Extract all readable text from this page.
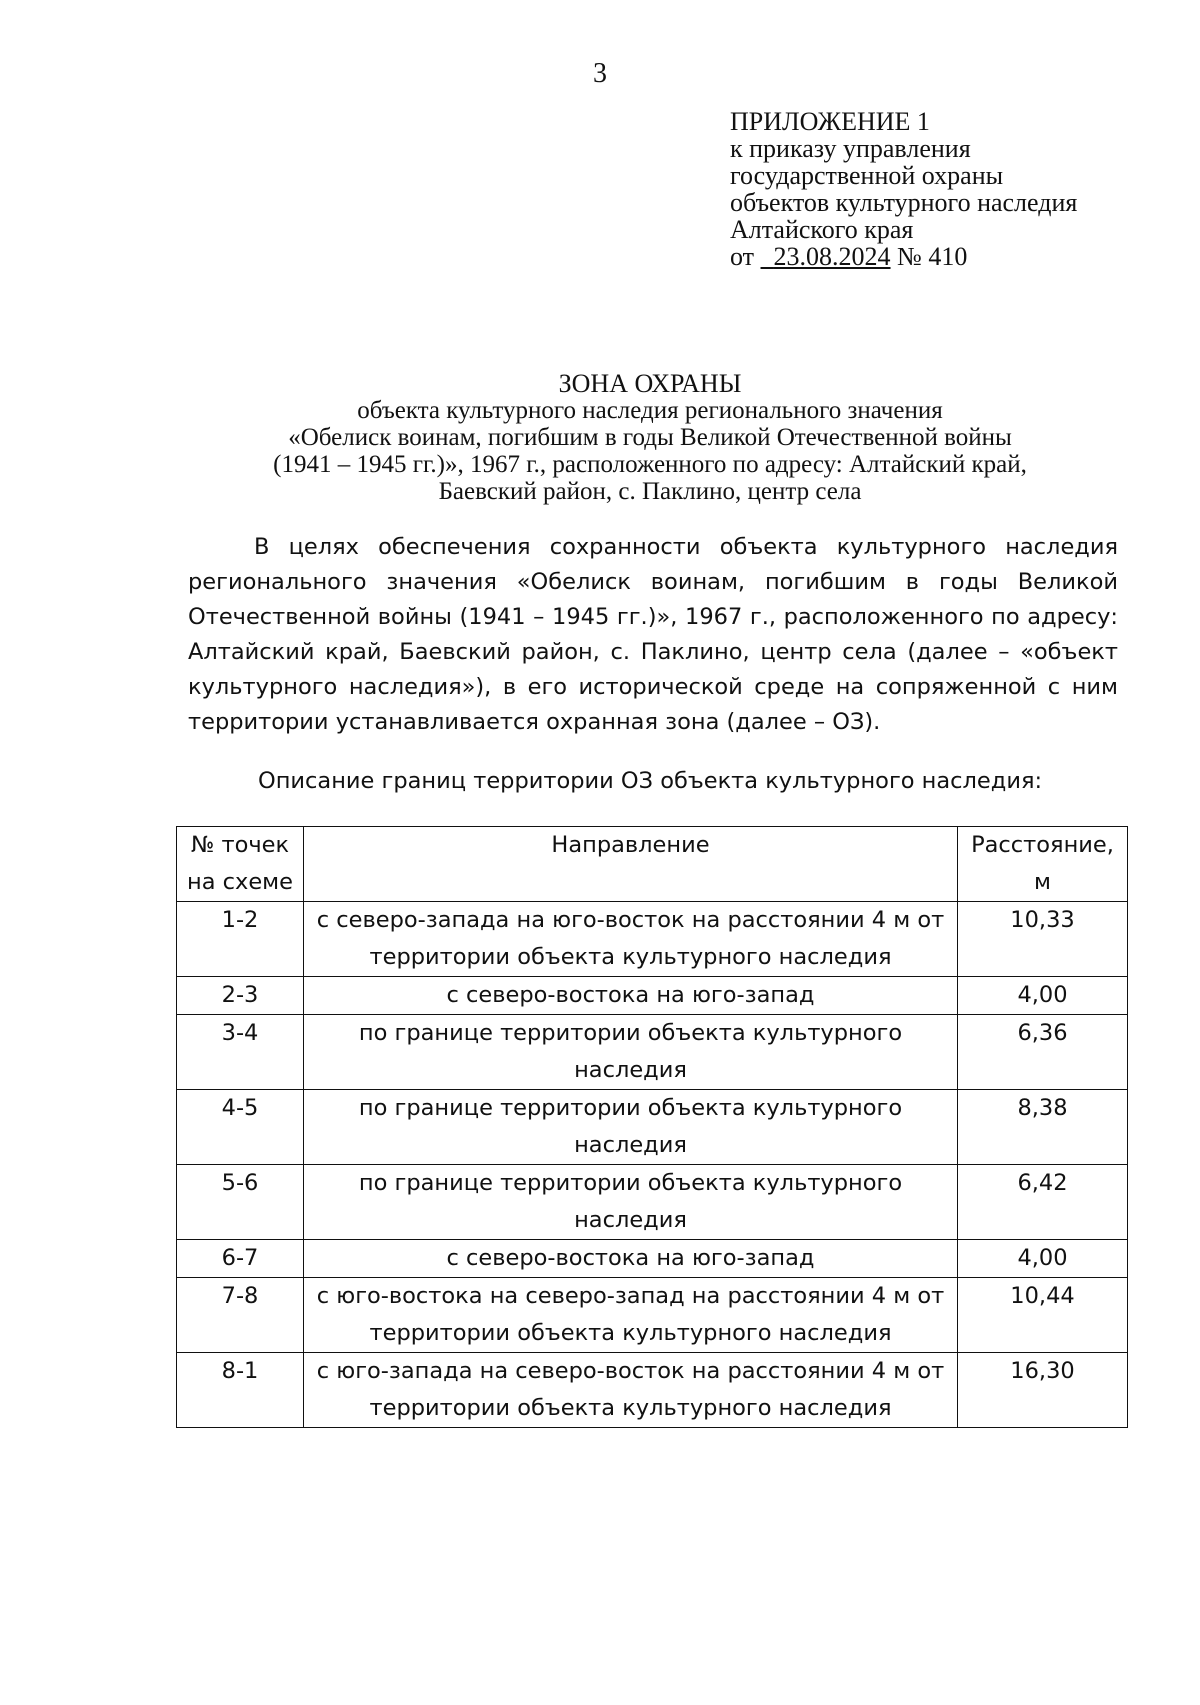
3
ПРИЛОЖЕНИЕ 1
к приказу управления
государственной охраны
объектов культурного наследия
Алтайского края
от 23.08.2024 № 410
ЗОНА ОХРАНЫ
объекта культурного наследия регионального значения
«Обелиск воинам, погибшим в годы Великой Отечественной войны
(1941 – 1945 гг.)», 1967 г., расположенного по адресу: Алтайский край,
Баевский район, с. Паклино, центр села
В целях обеспечения сохранности объекта культурного наследия регионального значения «Обелиск воинам, погибшим в годы Великой Отечественной войны (1941 – 1945 гг.)», 1967 г., расположенного по адресу: Алтайский край, Баевский район, с. Паклино, центр села (далее – «объект культурного наследия»), в его исторической среде на сопряженной с ним территории устанавливается охранная зона (далее – ОЗ).
Описание границ территории ОЗ объекта культурного наследия:
№ точек на схеме	Направление	Расстояние, м
1-2	с северо-запада на юго-восток на расстоянии 4 м от территории объекта культурного наследия	10,33
2-3	с северо-востока на юго-запад	4,00
3-4	по границе территории объекта культурного наследия	6,36
4-5	по границе территории объекта культурного наследия	8,38
5-6	по границе территории объекта культурного наследия	6,42
6-7	с северо-востока на юго-запад	4,00
7-8	с юго-востока на северо-запад на расстоянии 4 м от территории объекта культурного наследия	10,44
8-1	с юго-запада на северо-восток на расстоянии 4 м от территории объекта культурного наследия	16,30
